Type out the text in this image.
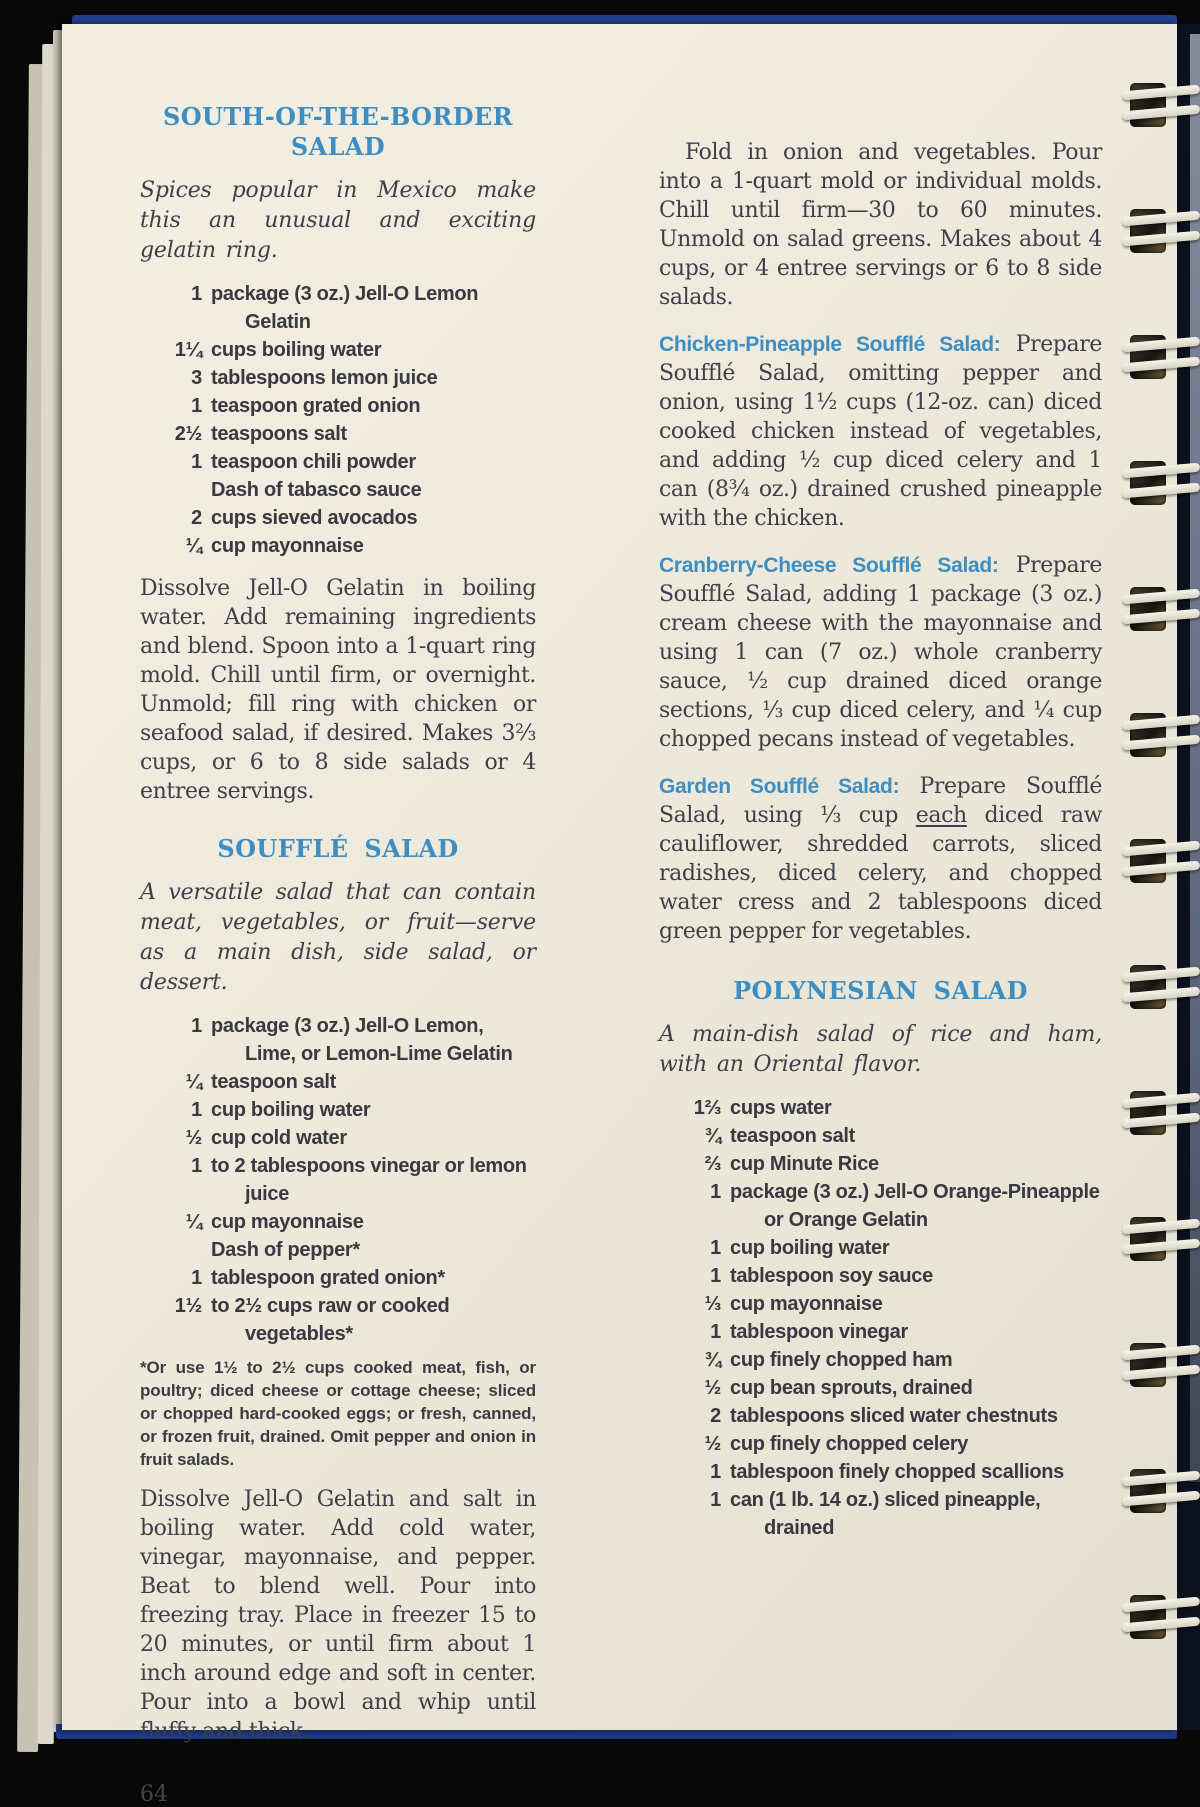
SOUTH-OF-THE-BORDER SALAD

Spices popular in Mexico make this an unusual and exciting gelatin ring.

1 package (3 oz.) Jell-O Lemon Gelatin
1¼ cups boiling water
3 tablespoons lemon juice
1 teaspoon grated onion
2½ teaspoons salt
1 teaspoon chili powder
Dash of tabasco sauce
2 cups sieved avocados
¼ cup mayonnaise

Dissolve Jell-O Gelatin in boiling water. Add remaining ingredients and blend. Spoon into a 1-quart ring mold. Chill until firm, or overnight. Unmold; fill ring with chicken or seafood salad, if desired. Makes 3⅔ cups, or 6 to 8 side salads or 4 entree servings.

SOUFFLÉ SALAD

A versatile salad that can contain meat, vegetables, or fruit—serve as a main dish, side salad, or dessert.

1 package (3 oz.) Jell-O Lemon, Lime, or Lemon-Lime Gelatin
¼ teaspoon salt
1 cup boiling water
½ cup cold water
1 to 2 tablespoons vinegar or lemon juice
¼ cup mayonnaise
Dash of pepper*
1 tablespoon grated onion*
1½ to 2½ cups raw or cooked vegetables*

*Or use 1½ to 2½ cups cooked meat, fish, or poultry; diced cheese or cottage cheese; sliced or chopped hard-cooked eggs; or fresh, canned, or frozen fruit, drained. Omit pepper and onion in fruit salads.

Dissolve Jell-O Gelatin and salt in boiling water. Add cold water, vinegar, mayonnaise, and pepper. Beat to blend well. Pour into freezing tray. Place in freezer 15 to 20 minutes, or until firm about 1 inch around edge and soft in center. Pour into a bowl and whip until fluffy and thick.

64

Fold in onion and vegetables. Pour into a 1-quart mold or individual molds. Chill until firm—30 to 60 minutes. Unmold on salad greens. Makes about 4 cups, or 4 entree servings or 6 to 8 side salads.

Chicken-Pineapple Soufflé Salad: Prepare Soufflé Salad, omitting pepper and onion, using 1½ cups (12-oz. can) diced cooked chicken instead of vegetables, and adding ½ cup diced celery and 1 can (8¾ oz.) drained crushed pineapple with the chicken.

Cranberry-Cheese Soufflé Salad: Prepare Soufflé Salad, adding 1 package (3 oz.) cream cheese with the mayonnaise and using 1 can (7 oz.) whole cranberry sauce, ½ cup drained diced orange sections, ⅓ cup diced celery, and ¼ cup chopped pecans instead of vegetables.

Garden Soufflé Salad: Prepare Soufflé Salad, using ⅓ cup each diced raw cauliflower, shredded carrots, sliced radishes, diced celery, and chopped water cress and 2 tablespoons diced green pepper for vegetables.

POLYNESIAN SALAD

A main-dish salad of rice and ham, with an Oriental flavor.

1⅔ cups water
¾ teaspoon salt
⅔ cup Minute Rice
1 package (3 oz.) Jell-O Orange-Pineapple or Orange Gelatin
1 cup boiling water
1 tablespoon soy sauce
⅓ cup mayonnaise
1 tablespoon vinegar
¾ cup finely chopped ham
½ cup bean sprouts, drained
2 tablespoons sliced water chestnuts
½ cup finely chopped celery
1 tablespoon finely chopped scallions
1 can (1 lb. 14 oz.) sliced pineapple, drained
